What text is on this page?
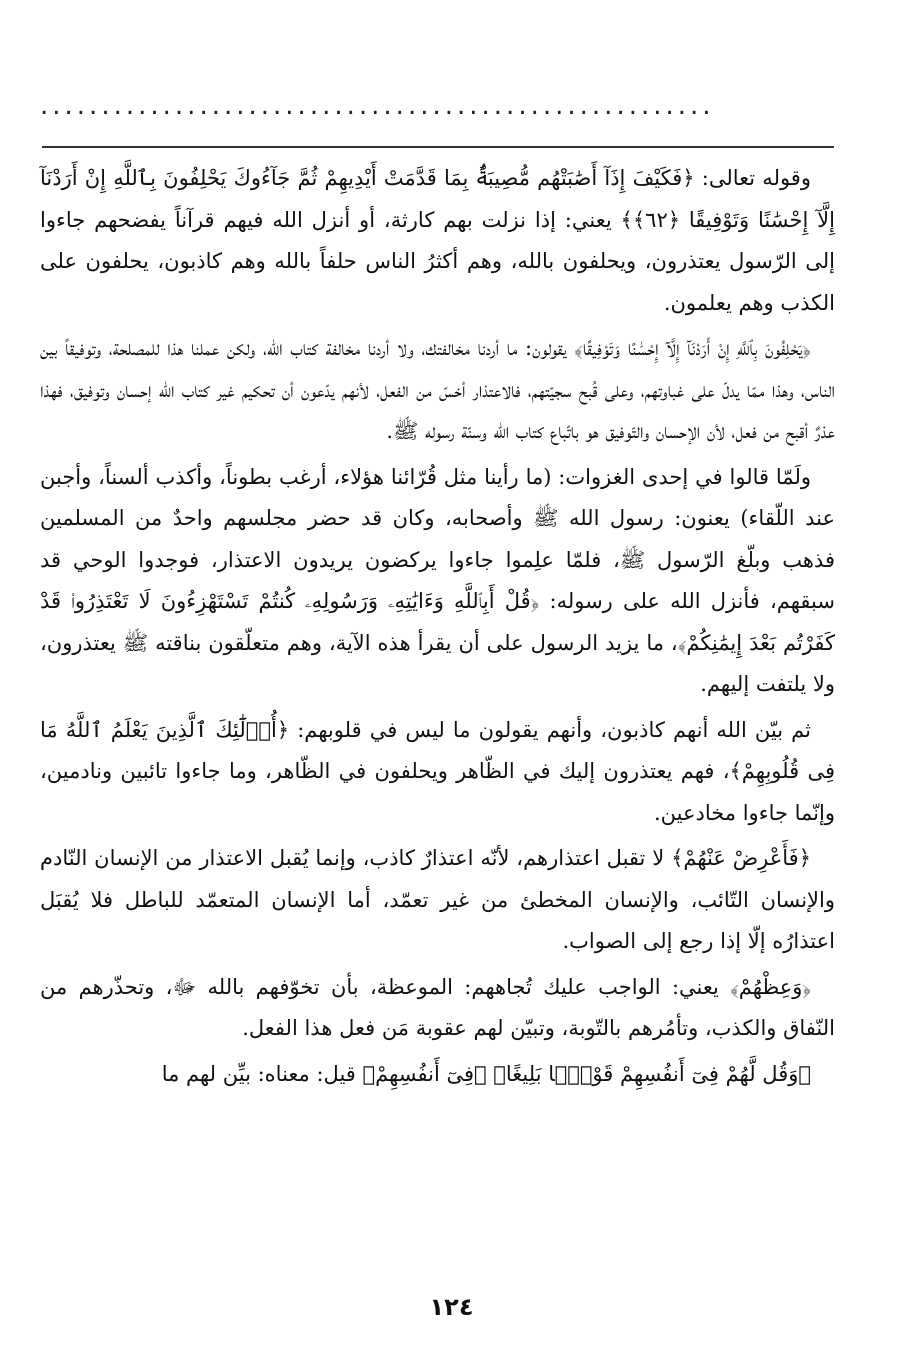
.......................................................

وقوله تعالى: ﴿فَكَيْفَ إِذَآ أَصَٰبَتْهُم مُّصِيبَةٌۢ بِمَا قَدَّمَتْ أَيْدِيهِمْ ثُمَّ جَآءُوكَ يَحْلِفُونَ بِٱللَّهِ إِنْ أَرَدْنَآ إِلَّآ إِحْسَٰنًا وَتَوْفِيقًا ﴿٦٢﴾﴾ يعني: إذا نزلت بهم كارثة، أو أنزل الله فيهم قرآناً يفضحهم جاءوا إلى الرّسول يعتذرون، ويحلفون بالله، وهم أكثرُ الناس حلفاً بالله وهم كاذبون، يحلفون على الكذب وهم يعلمون.

﴿يَحْلِفُونَ بِٱللَّهِ إِنْ أَرَدْنَآ إِلَّآ إِحْسَٰنًا وَتَوْفِيقًا﴾ يقولون: ما أردنا مخالفتك، ولا أردنا مخالفة كتاب الله، ولكن عملنا هذا للمصلحة، وتوفيقاً بين الناس، وهذا ممّا يدلّ على غباوتهم، وعلى قُبح سجيّتهم، فالاعتذار أخسّ من الفعل، لأنهم يدّعون أن تحكيم غير كتاب الله إحسان وتوفيق، فهذا عذرٌ أقبح من فعل، لأن الإحسان والتّوفيق هو باتّباع كتاب الله وسنّة رسوله ﷺ.

ولَمّا قالوا في إحدى الغزوات: (ما رأينا مثل قُرّائنا هؤلاء، أرغب بطوناً، وأكذب ألسناً، وأجبن عند اللّقاء) يعنون: رسول الله ﷺ وأصحابه، وكان قد حضر مجلسهم واحدٌ من المسلمين فذهب وبلّغ الرّسول ﷺ، فلمّا علِموا جاءوا يركضون يريدون الاعتذار، فوجدوا الوحي قد سبقهم، فأنزل الله على رسوله: ﴿قُلْ أَبِٱللَّهِ وَءَايَٰتِهِۦ وَرَسُولِهِۦ كُنتُمْ تَسْتَهْزِءُونَ لَا تَعْتَذِرُوا۟ قَدْ كَفَرْتُم بَعْدَ إِيمَٰنِكُمْ﴾، ما يزيد الرسول على أن يقرأ هذه الآية، وهم متعلّقون بناقته ﷺ يعتذرون، ولا يلتفت إليهم.

ثم بيّن الله أنهم كاذبون، وأنهم يقولون ما ليس في قلوبهم: ﴿أُو۟لَٰٓئِكَ ٱلَّذِينَ يَعْلَمُ ٱللَّهُ مَا فِى قُلُوبِهِمْ﴾، فهم يعتذرون إليك في الظّاهر ويحلفون في الظّاهر، وما جاءوا تائبين ونادمين، وإنّما جاءوا مخادعين.

﴿فَأَعْرِضْ عَنْهُمْ﴾ لا تقبل اعتذارهم، لأنّه اعتذارٌ كاذب، وإنما يُقبل الاعتذار من الإنسان النّادم والإنسان التّائب، والإنسان المخطئ من غير تعمّد، أما الإنسان المتعمّد للباطل فلا يُقبَل اعتذارُه إلّا إذا رجع إلى الصواب.

﴿وَعِظْهُمْ﴾ يعني: الواجب عليك تُجاههم: الموعظة، بأن تخوّفهم بالله ﷻ، وتحذّرهم من النّفاق والكذب، وتأمُرهم بالتّوبة، وتبيّن لهم عقوبة مَن فعل هذا الفعل.

﴿وَقُل لَّهُمْ فِىٓ أَنفُسِهِمْ قَوْلًۢا بَلِيغًا﴾ ﴿فِىٓ أَنفُسِهِمْ﴾ قيل: معناه: بيِّن لهم ما

١٢٤
